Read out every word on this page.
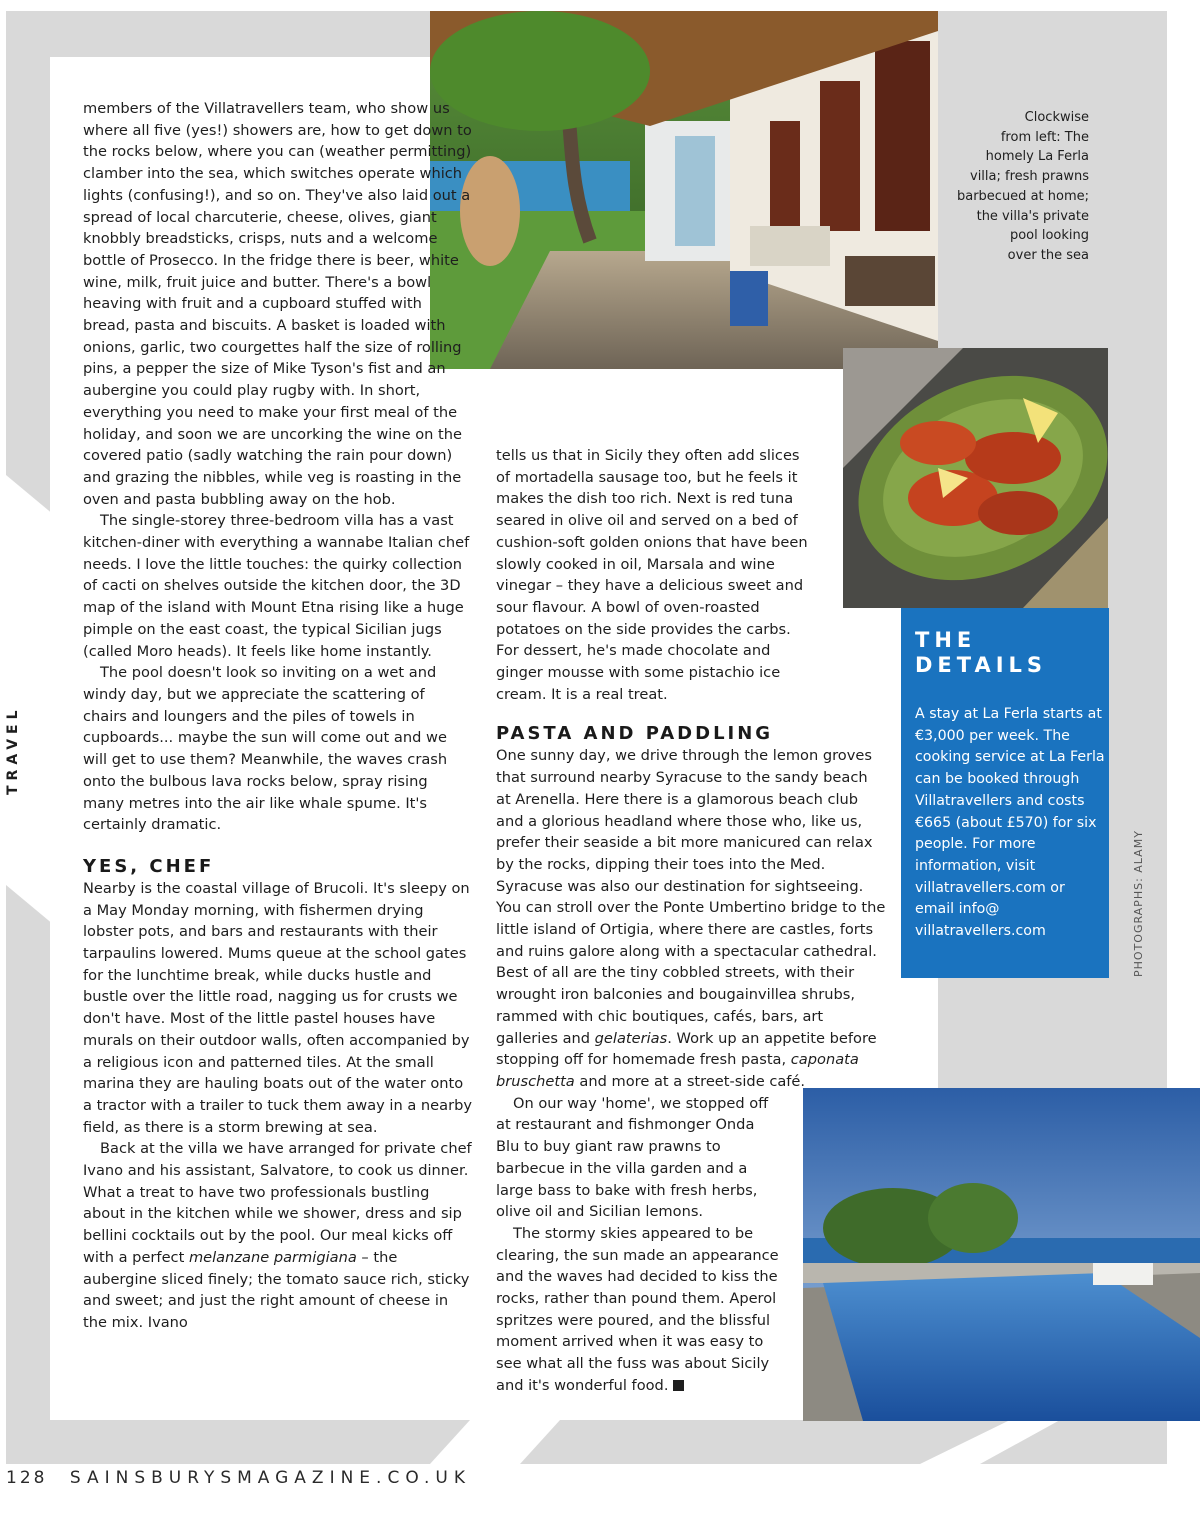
Clockwise
from left: The
homely La Ferla
villa; fresh prawns
barbecued at home;
the villa's private
pool looking
over the sea
THE
DETAILS

A stay at La Ferla starts at €3,000 per week. The cooking service at La Ferla can be booked through Villatravellers and costs €665 (about £570) for six people. For more information, visit villatravellers.com or email info@ villatravellers.com

members of the Villatravellers team, who show us where all five (yes!) showers are, how to get down to the rocks below, where you can (weather permitting) clamber into the sea, which switches operate which lights (confusing!), and so on. They've also laid out a spread of local charcuterie, cheese, olives, giant knobbly breadsticks, crisps, nuts and a welcome bottle of Prosecco. In the fridge there is beer, white wine, milk, fruit juice and butter. There's a bowl heaving with fruit and a cupboard stuffed with bread, pasta and biscuits. A basket is loaded with onions, garlic, two courgettes half the size of rolling pins, a pepper the size of Mike Tyson's fist and an aubergine you could play rugby with. In short, everything you need to make your first meal of the holiday, and soon we are uncorking the wine on the covered patio (sadly watching the rain pour down) and grazing the nibbles, while veg is roasting in the oven and pasta bubbling away on the hob.

The single-storey three-bedroom villa has a vast kitchen-diner with everything a wannabe Italian chef needs. I love the little touches: the quirky collection of cacti on shelves outside the kitchen door, the 3D map of the island with Mount Etna rising like a huge pimple on the east coast, the typical Sicilian jugs (called Moro heads). It feels like home instantly.

The pool doesn't look so inviting on a wet and windy day, but we appreciate the scattering of chairs and loungers and the piles of towels in cupboards... maybe the sun will come out and we will get to use them? Meanwhile, the waves crash onto the bulbous lava rocks below, spray rising many metres into the air like whale spume. It's certainly dramatic.

YES, CHEF

Nearby is the coastal village of Brucoli. It's sleepy on a May Monday morning, with fishermen drying lobster pots, and bars and restaurants with their tarpaulins lowered. Mums queue at the school gates for the lunchtime break, while ducks hustle and bustle over the little road, nagging us for crusts we don't have. Most of the little pastel houses have murals on their outdoor walls, often accompanied by a religious icon and patterned tiles. At the small marina they are hauling boats out of the water onto a tractor with a trailer to tuck them away in a nearby field, as there is a storm brewing at sea.

Back at the villa we have arranged for private chef Ivano and his assistant, Salvatore, to cook us dinner. What a treat to have two professionals bustling about in the kitchen while we shower, dress and sip bellini cocktails out by the pool. Our meal kicks off with a perfect melanzane parmigiana – the aubergine sliced finely; the tomato sauce rich, sticky and sweet; and just the right amount of cheese in the mix. Ivano

tells us that in Sicily they often add slices of mortadella sausage too, but he feels it makes the dish too rich. Next is red tuna seared in olive oil and served on a bed of cushion-soft golden onions that have been slowly cooked in oil, Marsala and wine vinegar – they have a delicious sweet and sour flavour. A bowl of oven-roasted potatoes on the side provides the carbs. For dessert, he's made chocolate and ginger mousse with some pistachio ice cream. It is a real treat.

PASTA AND PADDLING

One sunny day, we drive through the lemon groves that surround nearby Syracuse to the sandy beach at Arenella. Here there is a glamorous beach club and a glorious headland where those who, like us, prefer their seaside a bit more manicured can relax by the rocks, dipping their toes into the Med. Syracuse was also our destination for sightseeing. You can stroll over the Ponte Umbertino bridge to the little island of Ortigia, where there are castles, forts and ruins galore along with a spectacular cathedral. Best of all are the tiny cobbled streets, with their wrought iron balconies and bougainvillea shrubs, rammed with chic boutiques, cafés, bars, art galleries and gelaterias. Work up an appetite before stopping off for homemade fresh pasta, caponata bruschetta and more at a street-side café.

On our way 'home', we stopped off at restaurant and fishmonger Onda Blu to buy giant raw prawns to barbecue in the villa garden and a large bass to bake with fresh herbs, olive oil and Sicilian lemons.

The stormy skies appeared to be clearing, the sun made an appearance and the waves had decided to kiss the rocks, rather than pound them. Aperol spritzes were poured, and the blissful moment arrived when it was easy to see what all the fuss was about Sicily and it's wonderful food.

TRAVEL
PHOTOGRAPHS: ALAMY
128 SAINSBURYSMAGAZINE.CO.UK
